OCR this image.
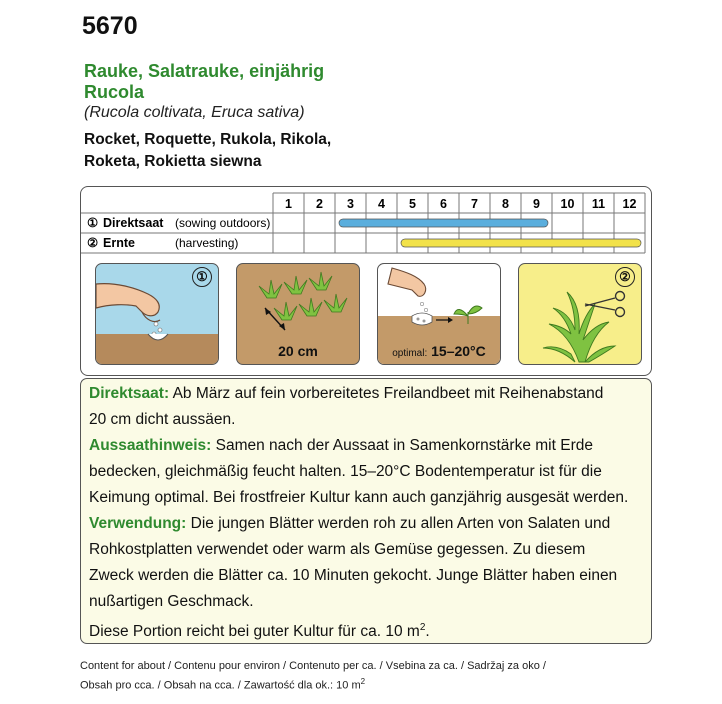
5670
Rauke, Salatrauke, einjährig
Rucola
(Rucola coltivata, Eruca sativa)
Rocket, Roquette, Rukola, Rikola,
Roketa, Rokietta siewna
1 2 3 4 5 6 7 8 9 10 11 12
① Direktsaat (sowing outdoors)
② Ernte	(harvesting)
①
20 cm	optimal: 15–20°C
②
Direktsaat: Ab März auf fein vorbereitetes Freilandbeet mit Reihenabstand
20 cm dicht aussäen.
Aussaathinweis: Samen nach der Aussaat in Samenkornstärke mit Erde
bedecken, gleichmäßig feucht halten. 15–20°C Bodentemperatur ist für die
Keimung optimal. Bei frostfreier Kultur kann auch ganzjährig ausgesät werden.
Verwendung: Die jungen Blätter werden roh zu allen Arten von Salaten und
Rohkostplatten verwendet oder warm als Gemüse gegessen. Zu diesem
Zweck werden die Blätter ca. 10 Minuten gekocht. Junge Blätter haben einen
nußartigen Geschmack.
Diese Portion reicht bei guter Kultur für ca. 10 $m^2$.
Content for about / Contenu pour environ / Contenuto per ca. / Vsebina za ca. / Sadržaj za oko /
Obsah pro cca. / Obsah na cca. / Zawartość dla ok.: 10 $m^2$
